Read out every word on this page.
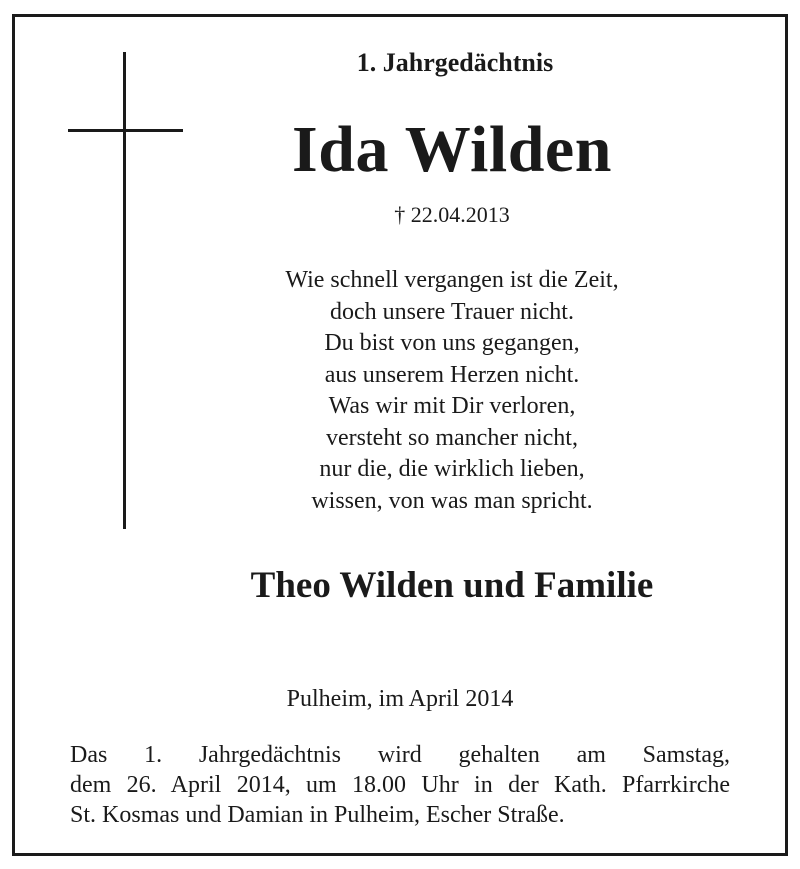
1. Jahrgedächtnis
Ida Wilden
† 22.04.2013
Wie schnell vergangen ist die Zeit,
doch unsere Trauer nicht.
Du bist von uns gegangen,
aus unserem Herzen nicht.
Was wir mit Dir verloren,
versteht so mancher nicht,
nur die, die wirklich lieben,
wissen, von was man spricht.
Theo Wilden und Familie
Pulheim, im April 2014

Das 1. Jahrgedächtnis wird gehalten am Samstag,
dem 26. April 2014, um 18.00 Uhr in der Kath. Pfarrkirche
St. Kosmas und Damian in Pulheim, Escher Straße.
